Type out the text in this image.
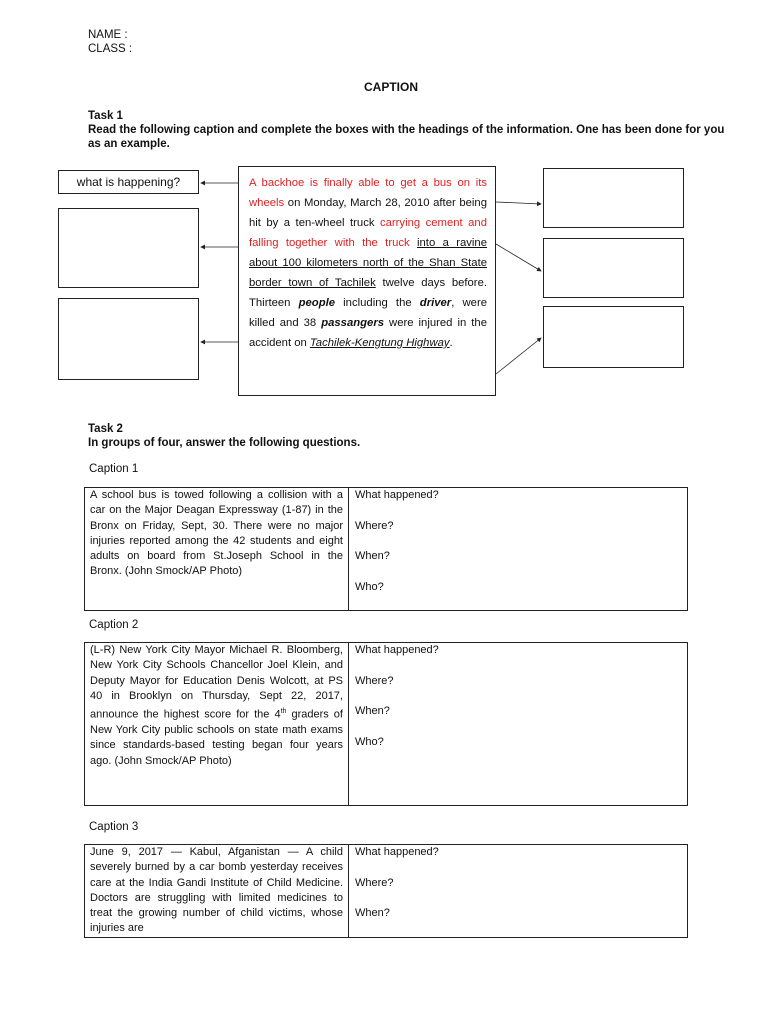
NAME :
CLASS :
CAPTION
Task 1
Read the following caption and complete the boxes with the headings of the information. One has been done for you as an example.
what is happening?	A backhoe is finally able to get a bus on its wheels on Monday, March 28, 2010 after being hit by a ten-wheel truck carrying cement and falling together with the truck into a ravine about 100 kilometers north of the Shan State border town of Tachilek twelve days before. Thirteen people including the driver, were killed and 38 passangers were injured in the accident on Tachilek-Kengtung Highway.
Task 2
In groups of four, answer the following questions.
Caption 1
A school bus is towed following a collision with a car on the Major Deagan Expressway (1-87) in the Bronx on Friday, Sept, 30. There were no major injuries reported among the 42 students and eight adults on board from St.Joseph School in the Bronx. (John Smock/AP Photo)	
What happened?
Where?
When?
Who?
Caption 2
(L-R) New York City Mayor Michael R. Bloomberg, New York City Schools Chancellor Joel Klein, and Deputy Mayor for Education Denis Wolcott, at PS 40 in Brooklyn on Thursday, Sept 22, 2017, announce the highest score for the 4th graders of New York City public schools on state math exams since standards-based testing began four years ago. (John Smock/AP Photo)	
What happened?
Where?
When?
Who?
Caption 3
June 9, 2017 — Kabul, Afganistan — A child severely burned by a car bomb yesterday receives care at the India Gandi Institute of Child Medicine. Doctors are struggling with limited medicines to treat the growing number of child victims, whose injuries are	
What happened?
Where?
When?
